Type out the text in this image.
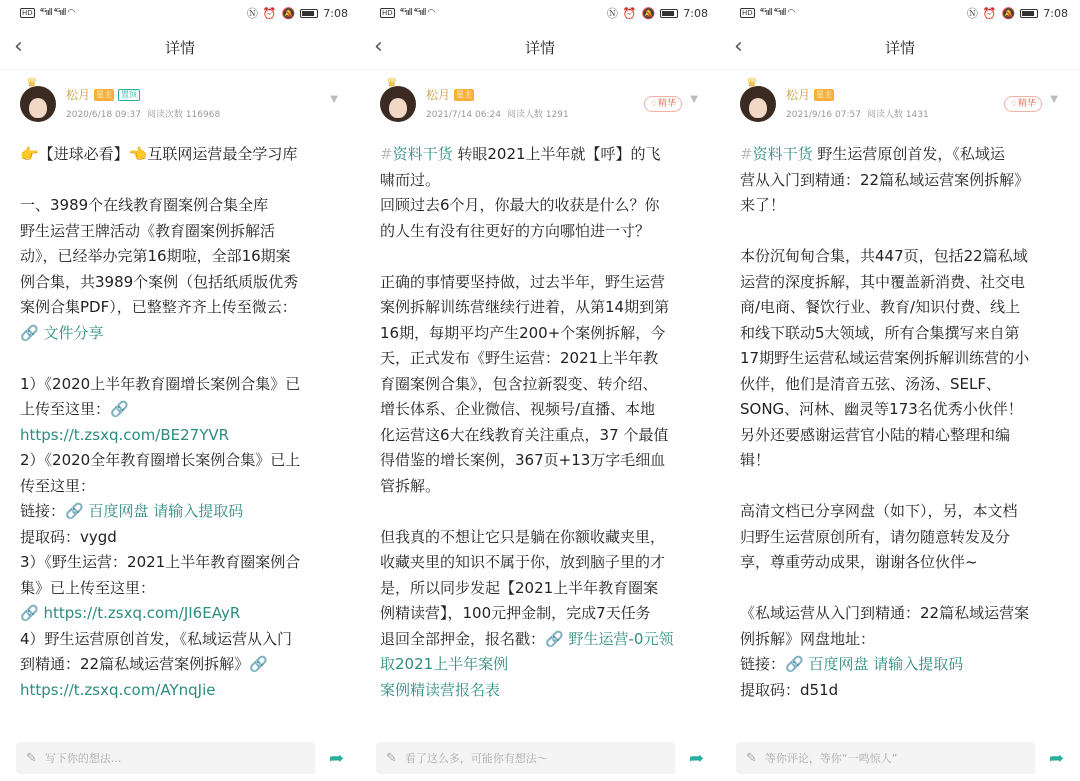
HD ⁴ᴳııll ⁴ᴳııll ◠	Ⓝ ⏰ 🔕	7:08
‹	详情
♛
松月 星主	置顶
2020/6/18 09:37 阅读次数 116968
▼
👉【进球必看】👈互联网运营最全学习库
一、3989个在线教育圈案例合集全库
野生运营王牌活动《教育圈案例拆解活
动》，已经举办完第16期啦，全部16期案
例合集，共3989个案例（包括纸质版优秀
案例合集PDF），已整整齐齐上传至微云：
🔗 文件分享
1）《2020上半年教育圈增长案例合集》已
上传至这里：🔗
https://t.zsxq.com/BE27YVR
2）《2020全年教育圈增长案例合集》已上
传至这里：
链接：🔗 百度网盘 请输入提取码
提取码：vygd
3）《野生运营：2021上半年教育圈案例合
集》已上传至这里：
🔗 https://t.zsxq.com/JI6EAyR
4）野生运营原创首发，《私域运营从入门
到精通：22篇私域运营案例拆解》🔗
https://t.zsxq.com/AYnqJie
✎ 写下你的想法...	➦
HD ⁴ᴳııll ⁴ᴳııll ◠	Ⓝ ⏰ 🔕	7:08
‹	详情
♛
松月 星主
2021/7/14 06:24 阅读人数 1291
♢精华	▼
#资料干货 转眼2021上半年就【呼】的飞
啸而过。
回顾过去6个月，你最大的收获是什么？你
的人生有没有往更好的方向哪怕进一寸？
正确的事情要坚持做，过去半年，野生运营
案例拆解训练营继续行进着，从第14期到第
16期，每期平均产生200+个案例拆解，今
天，正式发布《野生运营：2021上半年教
育圈案例合集》，包含拉新裂变、转介绍、
增长体系、企业微信、视频号/直播、本地
化运营这6大在线教育关注重点，37 个最值
得借鉴的增长案例，367页+13万字毛细血
管拆解。
但我真的不想让它只是躺在你额收藏夹里，
收藏夹里的知识不属于你，放到脑子里的才
是，所以同步发起【2021上半年教育圈案
例精读营】，100元押金制，完成7天任务
退回全部押金，报名戳：🔗 野生运营-0元领
取2021上半年案例
案例精读营报名表
✎ 看了这么多，可能你有想法～	➦
HD ⁴ᴳııll ⁴ᴳııll ◠	Ⓝ ⏰ 🔕	7:08
‹	详情
♛
松月 星主
2021/9/16 07:57 阅读人数 1431
♢精华	▼
#资料干货 野生运营原创首发，《私域运
营从入门到精通：22篇私域运营案例拆解》
来了！
本份沉甸甸合集，共447页，包括22篇私域
运营的深度拆解，其中覆盖新消费、社交电
商/电商、餐饮行业、教育/知识付费、线上
和线下联动5大领域，所有合集撰写来自第
17期野生运营私域运营案例拆解训练营的小
伙伴，他们是清音五弦、汤汤、SELF、
SONG、河林、幽灵等173名优秀小伙伴！
另外还要感谢运营官小陆的精心整理和编
辑！
高清文档已分享网盘（如下），另，本文档
归野生运营原创所有，请勿随意转发及分
享，尊重劳动成果，谢谢各位伙伴~
《私域运营从入门到精通：22篇私域运营案
例拆解》网盘地址：
链接：🔗 百度网盘 请输入提取码
提取码：d51d
✎ 等你评论，等你“一鸣惊人”	➦
